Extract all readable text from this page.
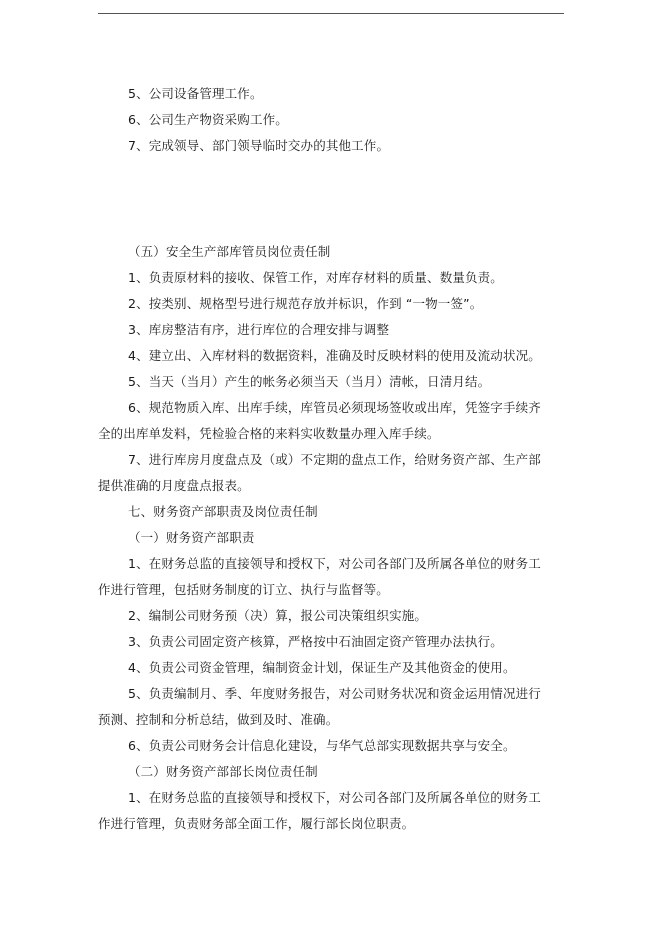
5、公司设备管理工作。
6、公司生产物资采购工作。
7、完成领导、部门领导临时交办的其他工作。
（五）安全生产部库管员岗位责任制
1、负责原材料的接收、保管工作，对库存材料的质量、数量负责。
2、按类别、规格型号进行规范存放并标识，作到 “一物一签”。
3、库房整洁有序，进行库位的合理安排与调整
4、建立出、入库材料的数据资料，准确及时反映材料的使用及流动状况。
5、当天（当月）产生的帐务必须当天（当月）清帐，日清月结。
6、规范物质入库、出库手续，库管员必须现场签收或出库，凭签字手续齐
全的出库单发料，凭检验合格的来料实收数量办理入库手续。
7、进行库房月度盘点及（或）不定期的盘点工作，给财务资产部、生产部
提供准确的月度盘点报表。
七、财务资产部职责及岗位责任制
（一）财务资产部职责
1、在财务总监的直接领导和授权下，对公司各部门及所属各单位的财务工
作进行管理，包括财务制度的订立、执行与监督等。
2、编制公司财务预（决）算，报公司决策组织实施。
3、负责公司固定资产核算，严格按中石油固定资产管理办法执行。
4、负责公司资金管理，编制资金计划，保证生产及其他资金的使用。
5、负责编制月、季、年度财务报告，对公司财务状况和资金运用情况进行
预测、控制和分析总结，做到及时、准确。
6、负责公司财务会计信息化建设，与华气总部实现数据共享与安全。
（二）财务资产部部长岗位责任制
1、在财务总监的直接领导和授权下，对公司各部门及所属各单位的财务工
作进行管理，负责财务部全面工作，履行部长岗位职责。
